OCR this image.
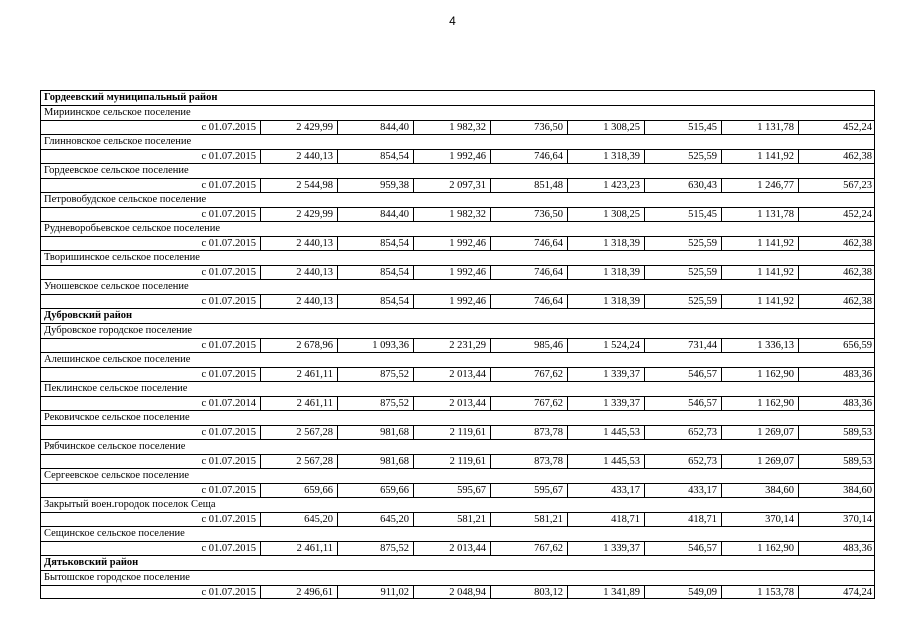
4
Гордеевский муниципальный район
Мириинское сельское поселение
с 01.07.2015	2 429,99	844,40	1 982,32	736,50	1 308,25	515,45	1 131,78	452,24
Глинновское сельское поселение
с 01.07.2015	2 440,13	854,54	1 992,46	746,64	1 318,39	525,59	1 141,92	462,38
Гордеевское сельское поселение
с 01.07.2015	2 544,98	959,38	2 097,31	851,48	1 423,23	630,43	1 246,77	567,23
Петровобудское сельское поселение
с 01.07.2015	2 429,99	844,40	1 982,32	736,50	1 308,25	515,45	1 131,78	452,24
Рудневоробьевское сельское поселение
с 01.07.2015	2 440,13	854,54	1 992,46	746,64	1 318,39	525,59	1 141,92	462,38
Творишинское сельское поселение
с 01.07.2015	2 440,13	854,54	1 992,46	746,64	1 318,39	525,59	1 141,92	462,38
Уношевское сельское поселение
с 01.07.2015	2 440,13	854,54	1 992,46	746,64	1 318,39	525,59	1 141,92	462,38
Дубровский район
Дубровское городское поселение
с 01.07.2015	2 678,96	1 093,36	2 231,29	985,46	1 524,24	731,44	1 336,13	656,59
Алешинское сельское поселение
с 01.07.2015	2 461,11	875,52	2 013,44	767,62	1 339,37	546,57	1 162,90	483,36
Пеклинское сельское поселение
с 01.07.2014	2 461,11	875,52	2 013,44	767,62	1 339,37	546,57	1 162,90	483,36
Рековичское сельское поселение
с 01.07.2015	2 567,28	981,68	2 119,61	873,78	1 445,53	652,73	1 269,07	589,53
Рябчинское сельское поселение
с 01.07.2015	2 567,28	981,68	2 119,61	873,78	1 445,53	652,73	1 269,07	589,53
Сергеевское сельское поселение
с 01.07.2015	659,66	659,66	595,67	595,67	433,17	433,17	384,60	384,60
Закрытый воен.городок поселок Сеща
с 01.07.2015	645,20	645,20	581,21	581,21	418,71	418,71	370,14	370,14
Сещинское сельское поселение
с 01.07.2015	2 461,11	875,52	2 013,44	767,62	1 339,37	546,57	1 162,90	483,36
Дятьковский район
Бытошское городское поселение
с 01.07.2015	2 496,61	911,02	2 048,94	803,12	1 341,89	549,09	1 153,78	474,24
